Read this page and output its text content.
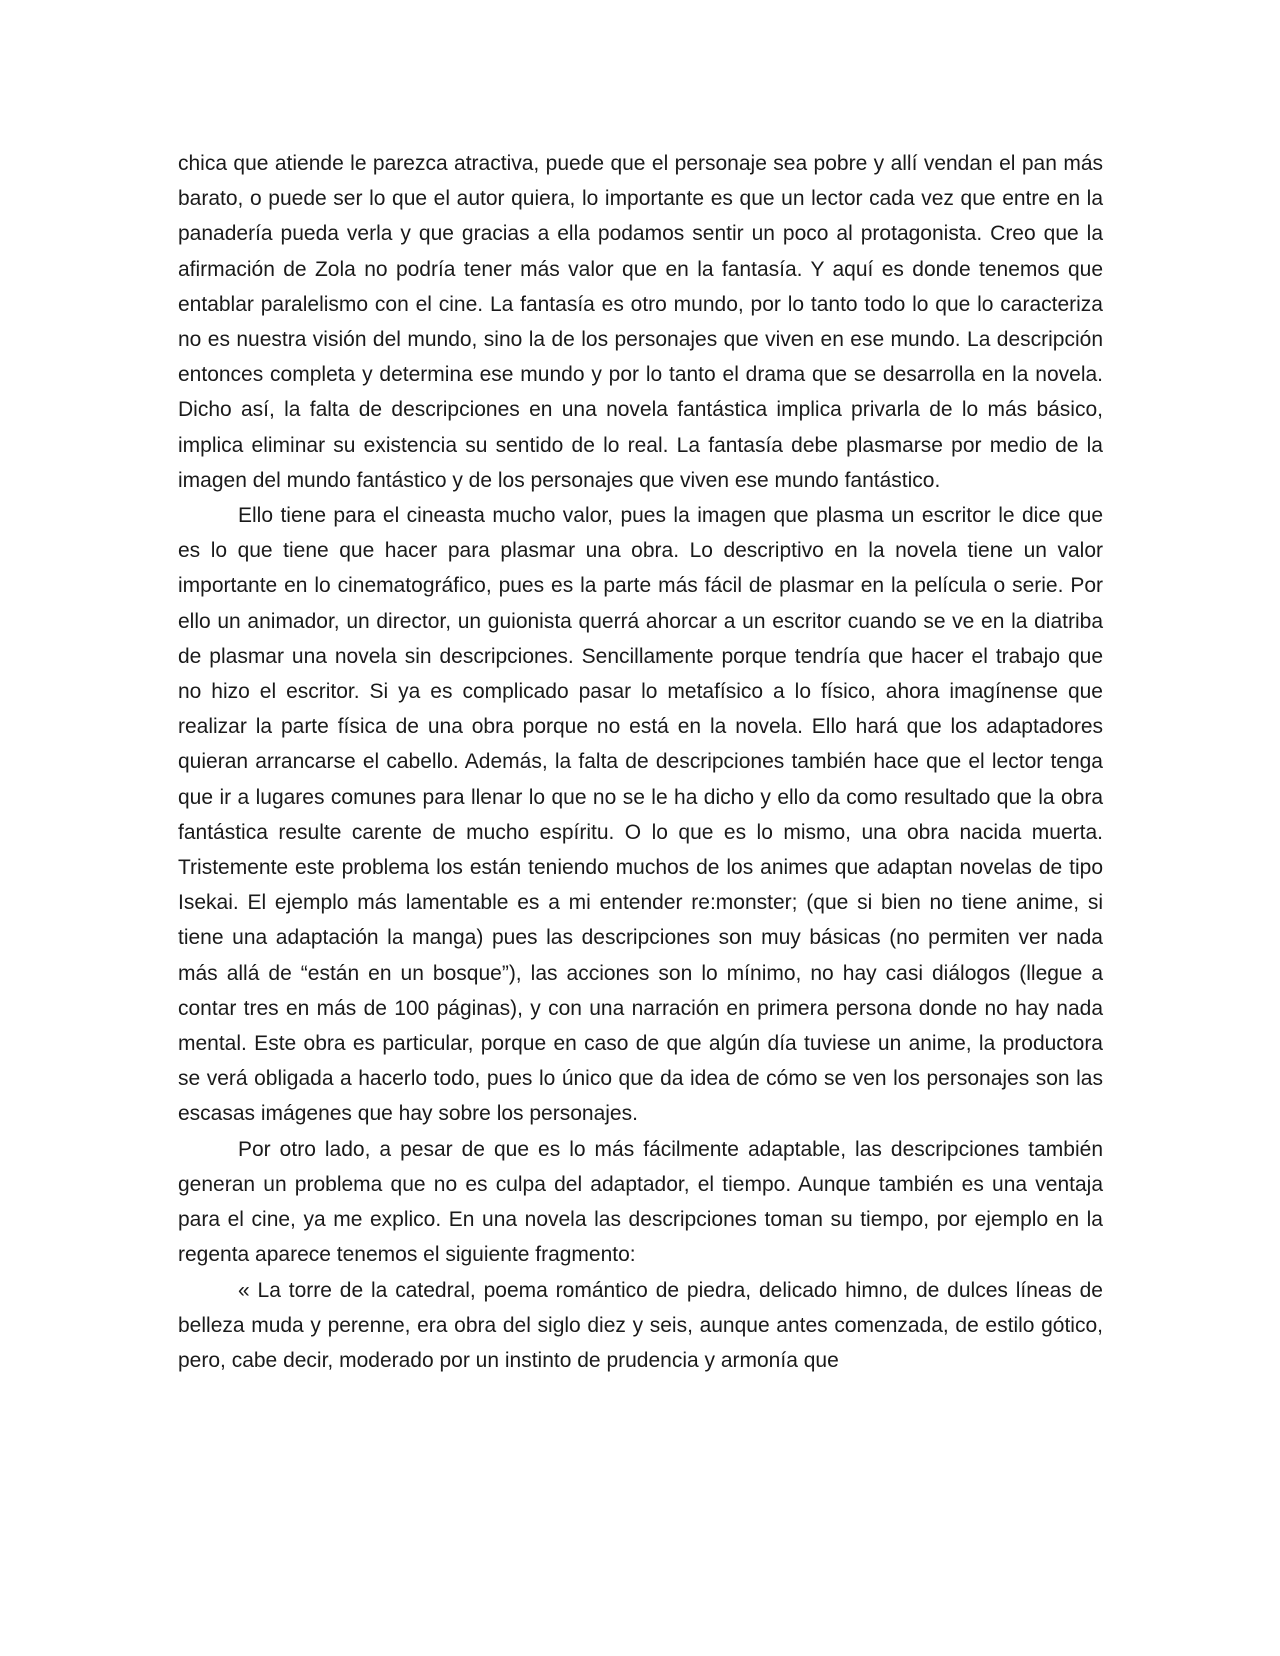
chica que atiende le parezca atractiva, puede que el personaje sea pobre y allí vendan el pan más barato, o puede ser lo que el autor quiera, lo importante es que un lector cada vez que entre en la panadería pueda verla y que gracias a ella podamos sentir un poco al protagonista. Creo que la afirmación de Zola no podría tener más valor que en la fantasía. Y aquí es donde tenemos que entablar paralelismo con el cine. La fantasía es otro mundo, por lo tanto todo lo que lo caracteriza no es nuestra visión del mundo, sino la de los personajes que viven en ese mundo. La descripción entonces completa y determina ese mundo y por lo tanto el drama que se desarrolla en la novela. Dicho así, la falta de descripciones en una novela fantástica implica privarla de lo más básico, implica eliminar su existencia su sentido de lo real. La fantasía debe plasmarse por medio de la imagen del mundo fantástico y de los personajes que viven ese mundo fantástico.

Ello tiene para el cineasta mucho valor, pues la imagen que plasma un escritor le dice que es lo que tiene que hacer para plasmar una obra. Lo descriptivo en la novela tiene un valor importante en lo cinematográfico, pues es la parte más fácil de plasmar en la película o serie. Por ello un animador, un director, un guionista querrá ahorcar a un escritor cuando se ve en la diatriba de plasmar una novela sin descripciones. Sencillamente porque tendría que hacer el trabajo que no hizo el escritor. Si ya es complicado pasar lo metafísico a lo físico, ahora imagínense que realizar la parte física de una obra porque no está en la novela. Ello hará que los adaptadores quieran arrancarse el cabello. Además, la falta de descripciones también hace que el lector tenga que ir a lugares comunes para llenar lo que no se le ha dicho y ello da como resultado que la obra fantástica resulte carente de mucho espíritu. O lo que es lo mismo, una obra nacida muerta. Tristemente este problema los están teniendo muchos de los animes que adaptan novelas de tipo Isekai. El ejemplo más lamentable es a mi entender re:monster; (que si bien no tiene anime, si tiene una adaptación la manga) pues las descripciones son muy básicas (no permiten ver nada más allá de “están en un bosque”), las acciones son lo mínimo, no hay casi diálogos (llegue a contar tres en más de 100 páginas), y con una narración en primera persona donde no hay nada mental. Este obra es particular, porque en caso de que algún día tuviese un anime, la productora se verá obligada a hacerlo todo, pues lo único que da idea de cómo se ven los personajes son las escasas imágenes que hay sobre los personajes.

Por otro lado, a pesar de que es lo más fácilmente adaptable, las descripciones también generan un problema que no es culpa del adaptador, el tiempo. Aunque también es una ventaja para el cine, ya me explico. En una novela las descripciones toman su tiempo, por ejemplo en la regenta aparece tenemos el siguiente fragmento:

« La torre de la catedral, poema romántico de piedra, delicado himno, de dulces líneas de belleza muda y perenne, era obra del siglo diez y seis, aunque antes comenzada, de estilo gótico, pero, cabe decir, moderado por un instinto de prudencia y armonía que
